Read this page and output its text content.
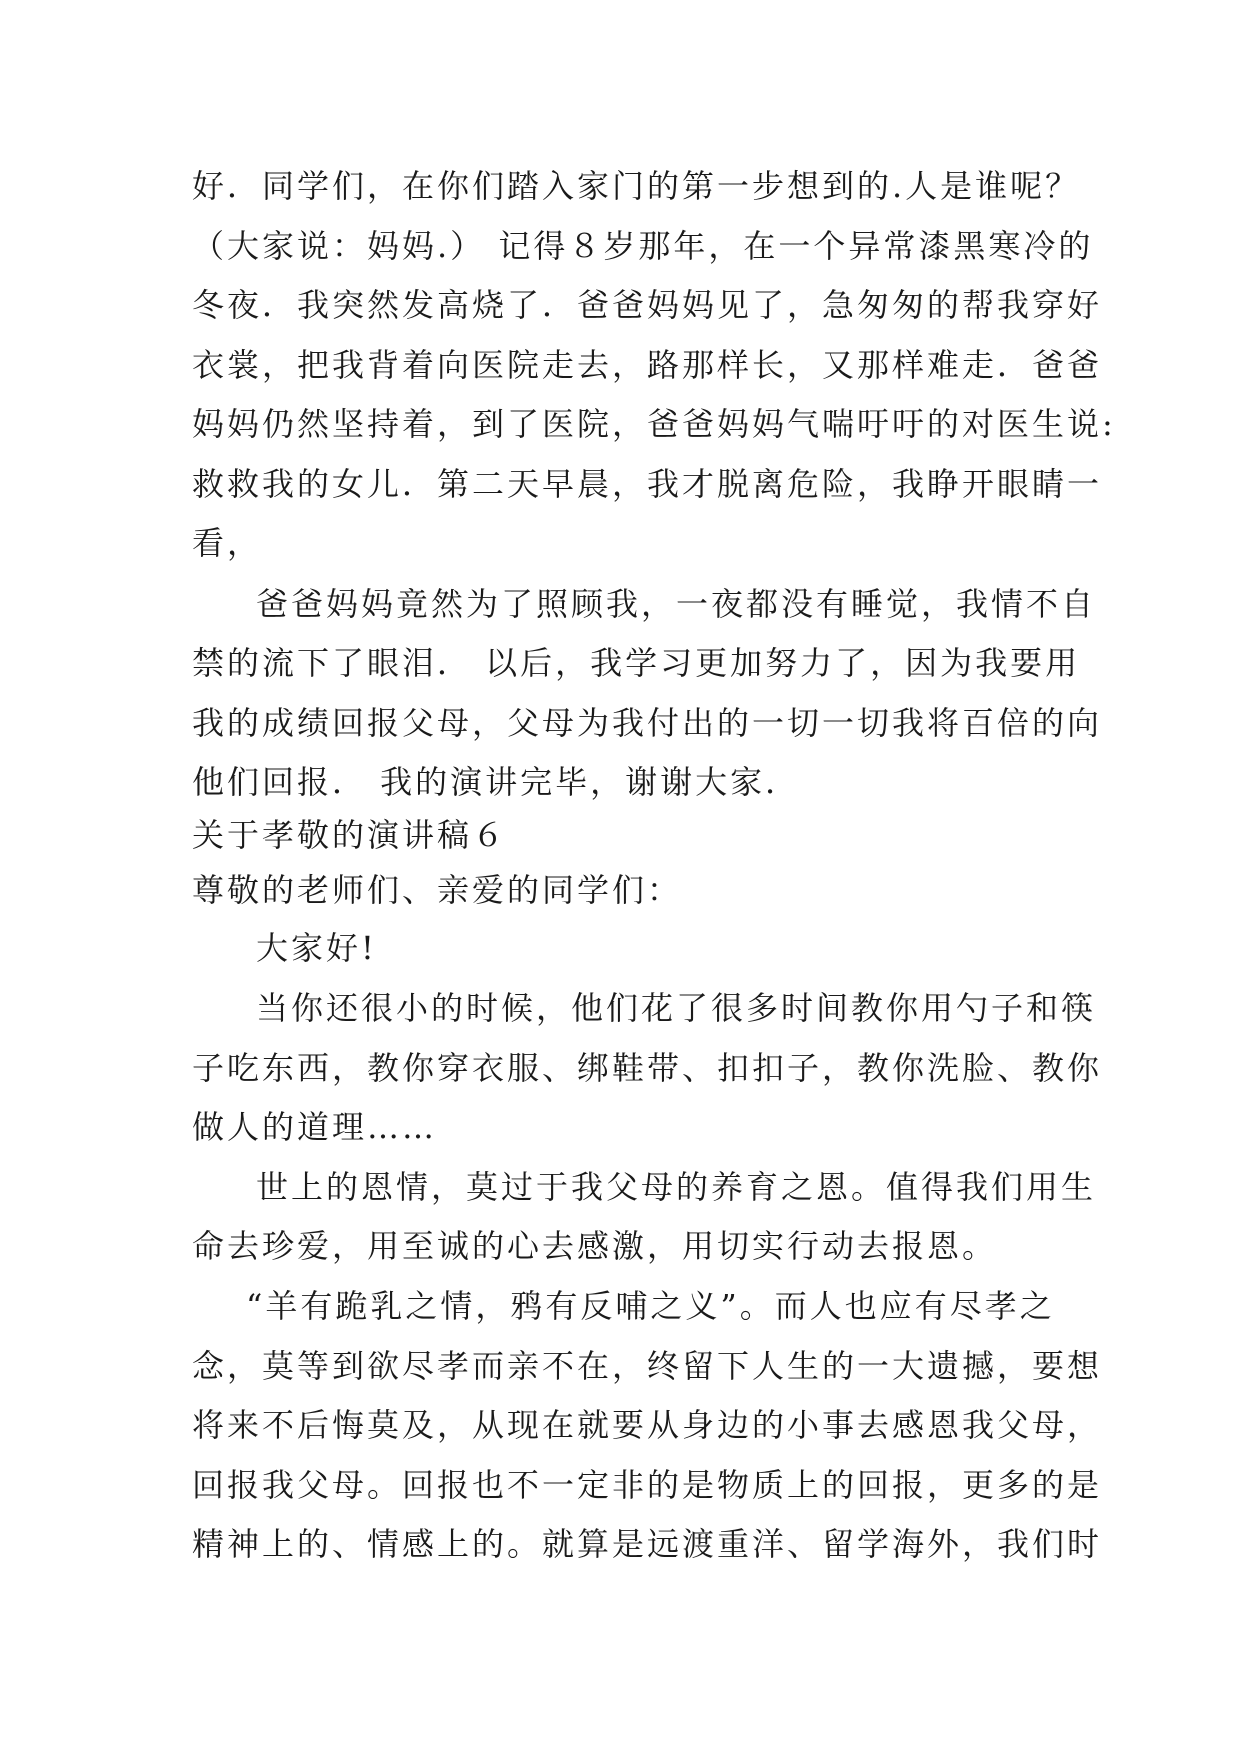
好．同学们，在你们踏入家门的第一步想到的.人是谁呢？
（大家说：妈妈.） 记得８岁那年，在一个异常漆黑寒冷的
冬夜．我突然发高烧了．爸爸妈妈见了，急匆匆的帮我穿好
衣裳，把我背着向医院走去，路那样长，又那样难走．爸爸
妈妈仍然坚持着，到了医院，爸爸妈妈气喘吁吁的对医生说:
救救我的女儿．第二天早晨，我才脱离危险，我睁开眼睛一
看，
爸爸妈妈竟然为了照顾我，一夜都没有睡觉，我情不自
禁的流下了眼泪． 以后，我学习更加努力了，因为我要用
我的成绩回报父母，父母为我付出的一切一切我将百倍的向
他们回报． 我的演讲完毕，谢谢大家．
关于孝敬的演讲稿６
尊敬的老师们、亲爱的同学们：
大家好!
当你还很小的时候，他们花了很多时间教你用勺子和筷
子吃东西，教你穿衣服、绑鞋带、扣扣子，教你洗脸、教你
做人的道理……
世上的恩情，莫过于我父母的养育之恩。值得我们用生
命去珍爱，用至诚的心去感激，用切实行动去报恩。
“羊有跪乳之情，鸦有反哺之义”。而人也应有尽孝之
念，莫等到欲尽孝而亲不在，终留下人生的一大遗撼，要想
将来不后悔莫及，从现在就要从身边的小事去感恩我父母，
回报我父母。回报也不一定非的是物质上的回报，更多的是
精神上的、情感上的。就算是远渡重洋、留学海外，我们时
